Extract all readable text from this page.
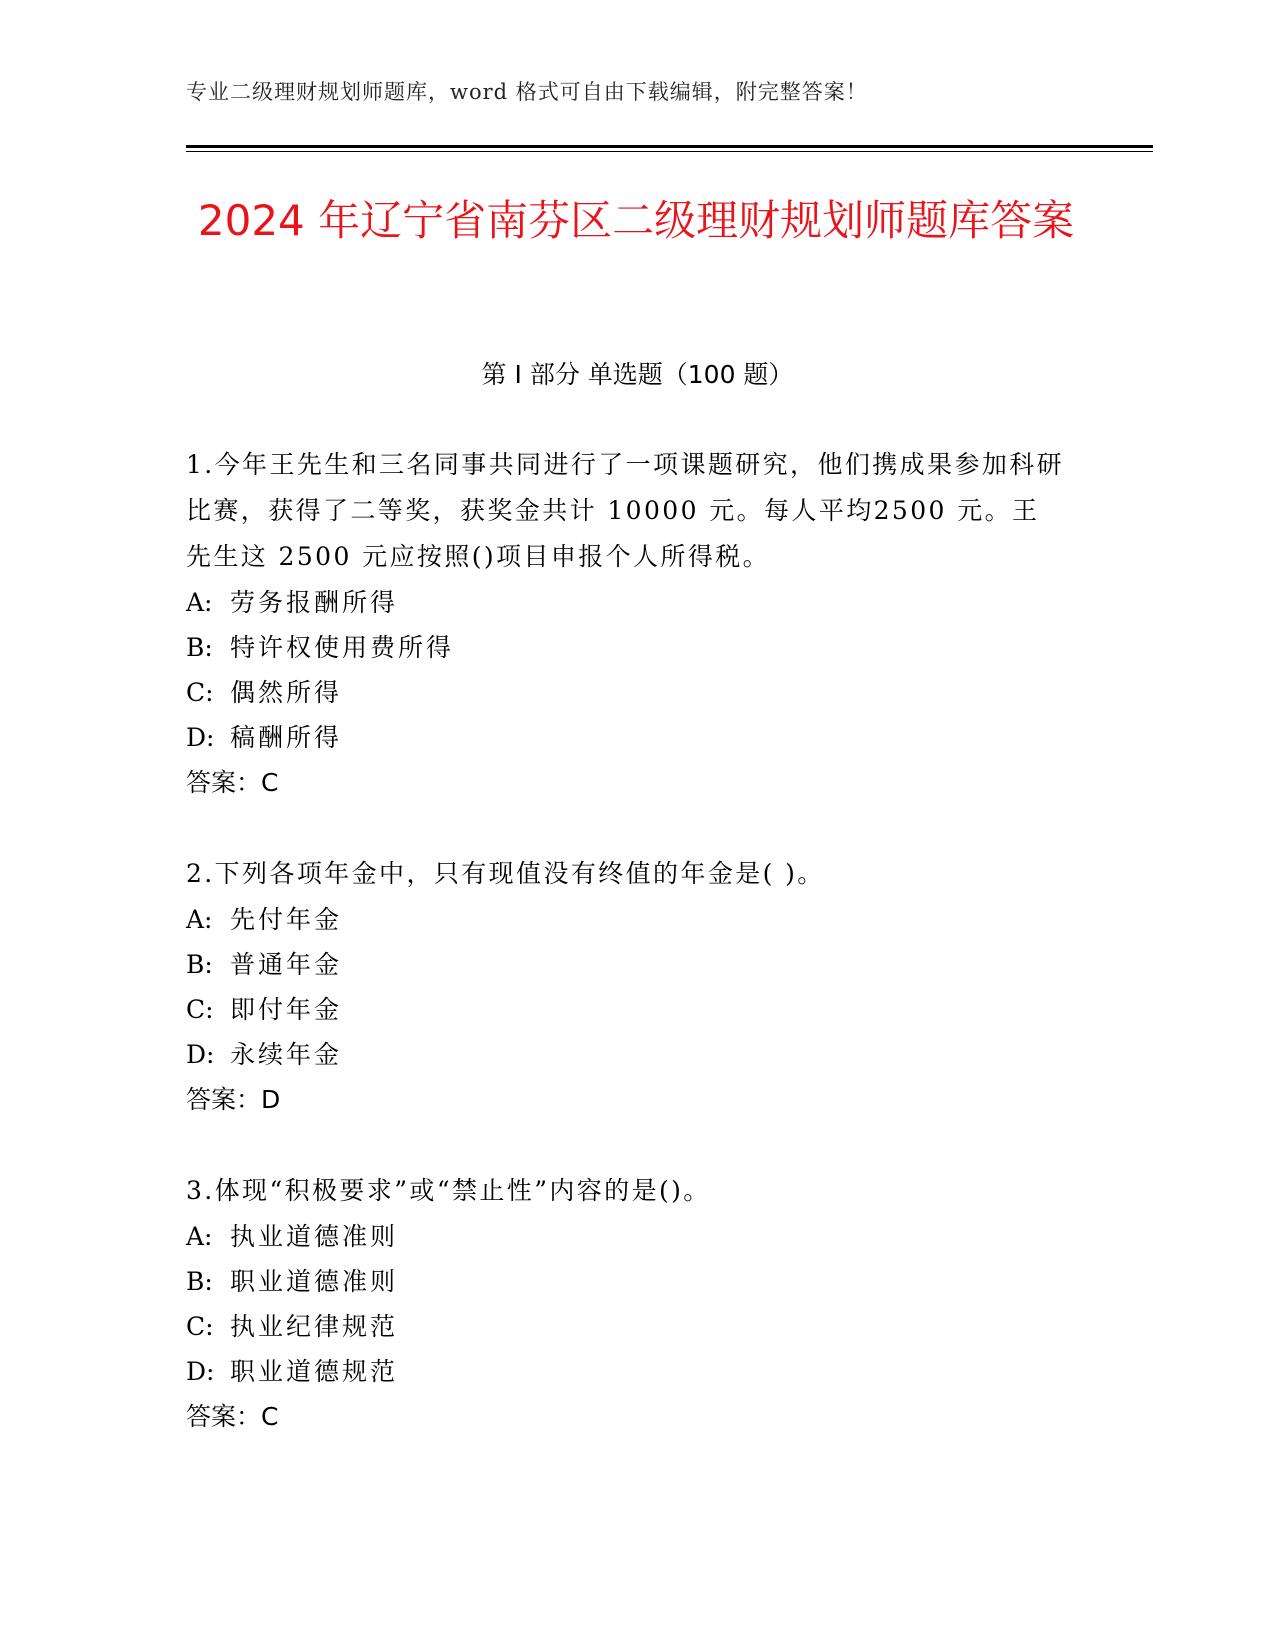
专业二级理财规划师题库，word 格式可自由下载编辑，附完整答案！
2024 年辽宁省南芬区二级理财规划师题库答案
第 I 部分 单选题（100 题）

1.今年王先生和三名同事共同进行了一项课题研究，他们携成果参加科研比赛，获得了二等奖，获奖金共计 10000 元。每人平均2500 元。王先生这 2500 元应按照()项目申报个人所得税。

A: 劳务报酬所得
B: 特许权使用费所得
C: 偶然所得
D: 稿酬所得
答案：C

2.下列各项年金中，只有现值没有终值的年金是( )。

A: 先付年金
B: 普通年金
C: 即付年金
D: 永续年金
答案：D

3.体现“积极要求”或“禁止性”内容的是()。

A: 执业道德准则
B: 职业道德准则
C: 执业纪律规范
D: 职业道德规范
答案：C
